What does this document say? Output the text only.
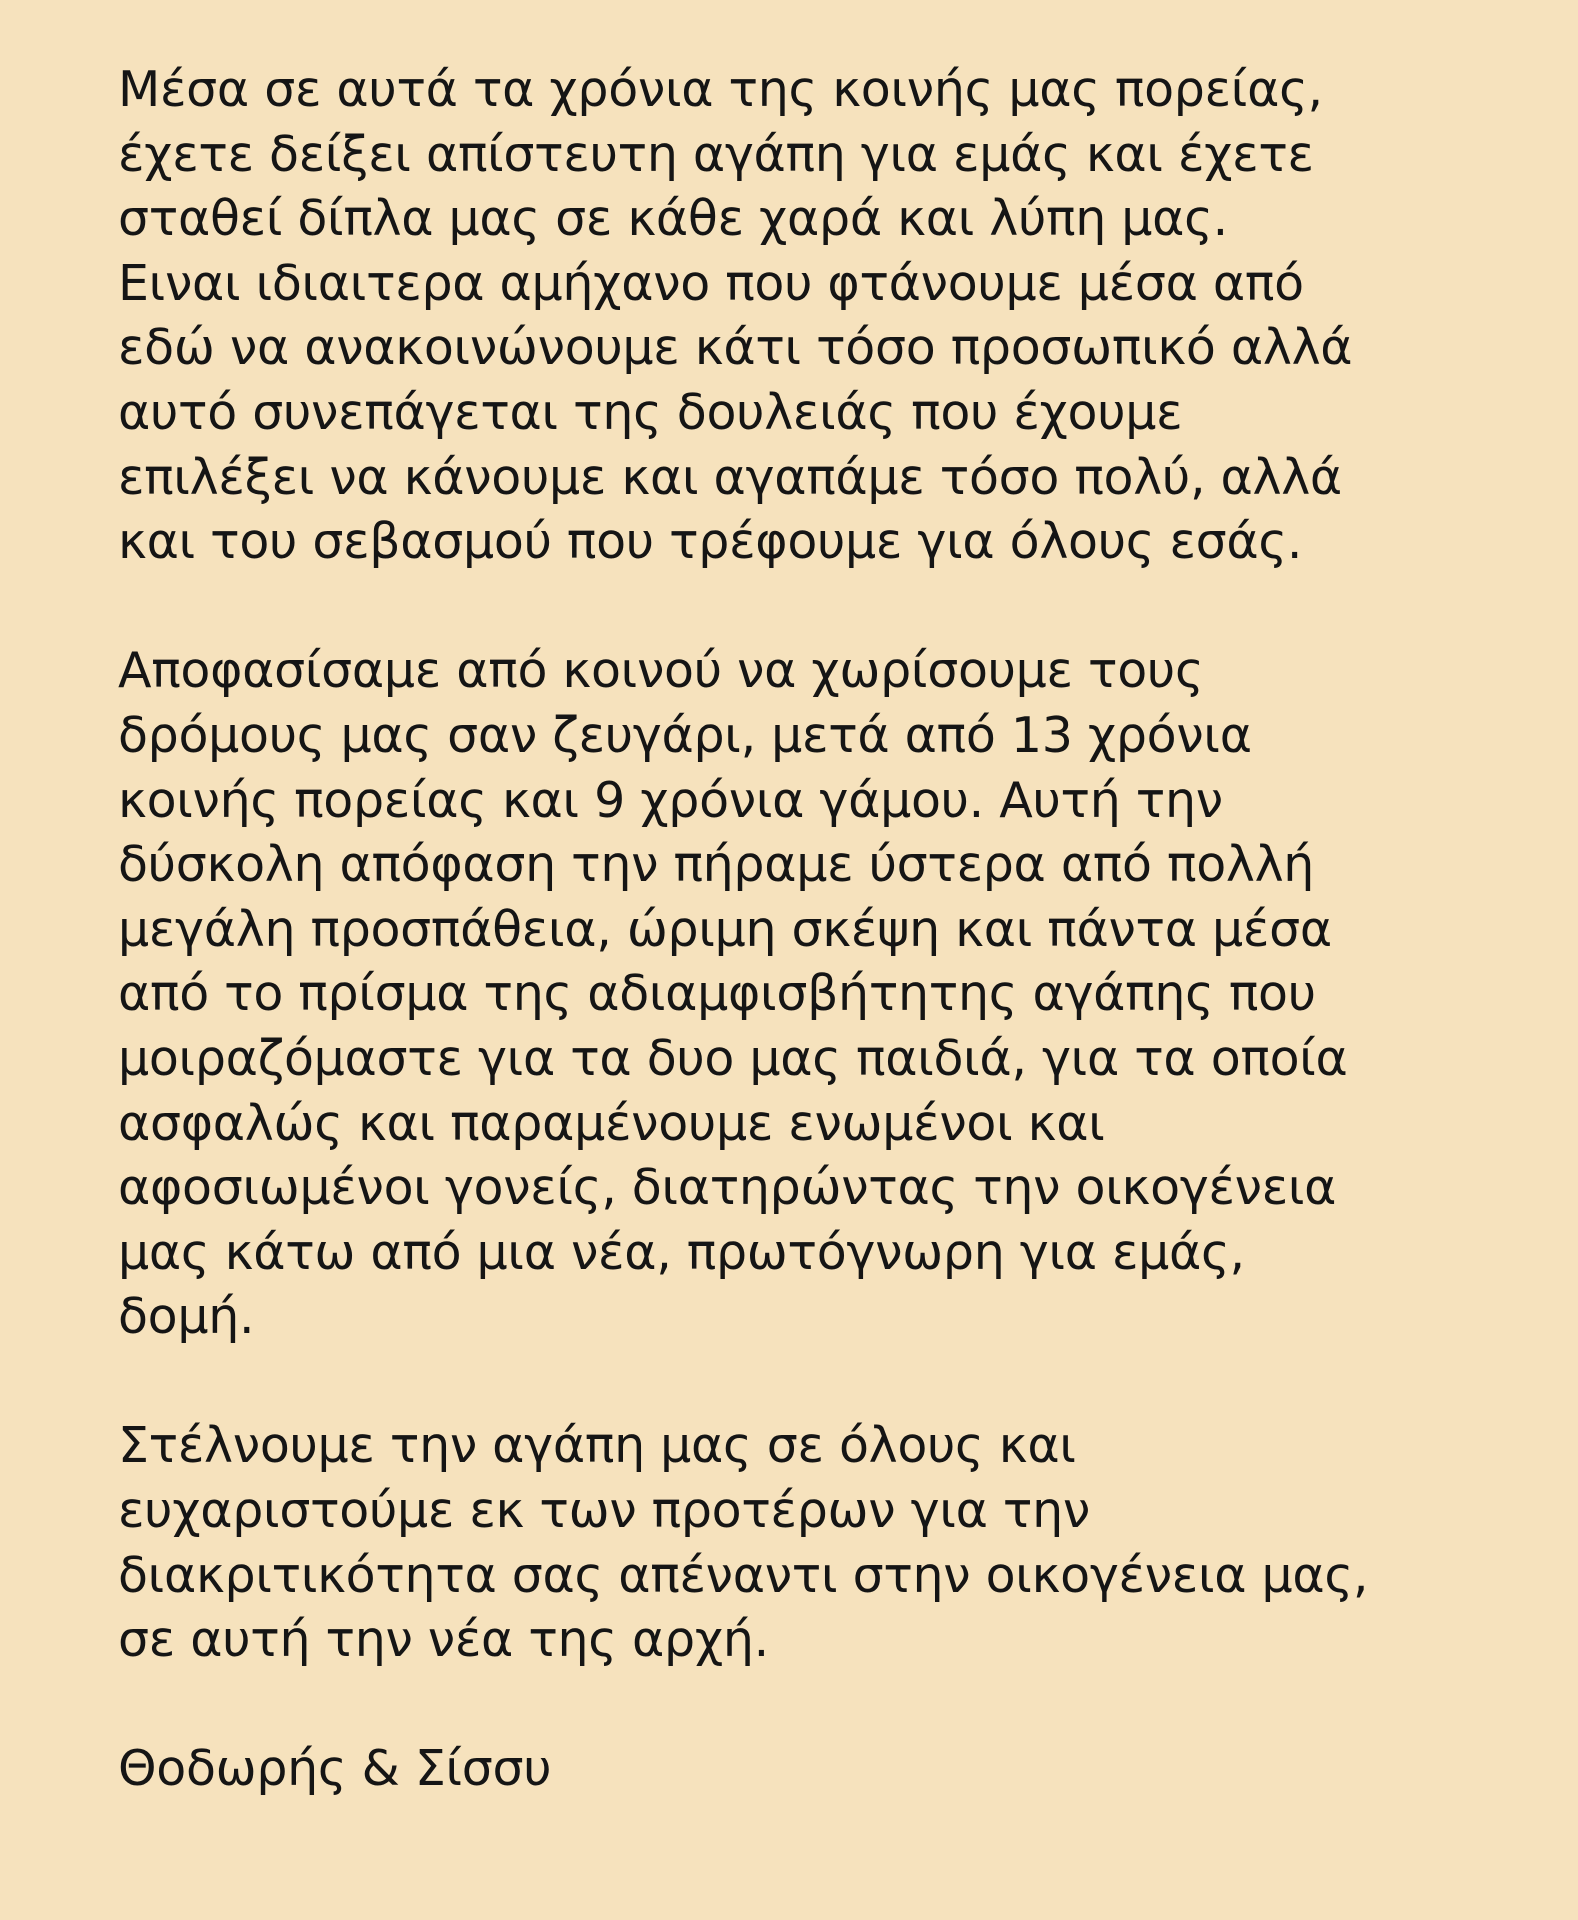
Μέσα σε αυτά τα χρόνια της κοινής μας πορείας,
έχετε δείξει απίστευτη αγάπη για εμάς και έχετε
σταθεί δίπλα μας σε κάθε χαρά και λύπη μας.
Ειναι ιδιαιτερα αμήχανο που φτάνουμε μέσα από
εδώ να ανακοινώνουμε κάτι τόσο προσωπικό αλλά
αυτό συνεπάγεται της δουλειάς που έχουμε
επιλέξει να κάνουμε και αγαπάμε τόσο πολύ, αλλά
και του σεβασμού που τρέφουμε για όλους εσάς.
Αποφασίσαμε από κοινού να χωρίσουμε τους
δρόμους μας σαν ζευγάρι, μετά από 13 χρόνια
κοινής πορείας και 9 χρόνια γάμου. Αυτή την
δύσκολη απόφαση την πήραμε ύστερα από πολλή
μεγάλη προσπάθεια, ώριμη σκέψη και πάντα μέσα
από το πρίσμα της αδιαμφισβήτητης αγάπης που
μοιραζόμαστε για τα δυο μας παιδιά, για τα οποία
ασφαλώς και παραμένουμε ενωμένοι και
αφοσιωμένοι γονείς, διατηρώντας την οικογένεια
μας κάτω από μια νέα, πρωτόγνωρη για εμάς,
δομή.
Στέλνουμε την αγάπη μας σε όλους και
ευχαριστούμε εκ των προτέρων για την
διακριτικότητα σας απέναντι στην οικογένεια μας,
σε αυτή την νέα της αρχή.
Θοδωρής & Σίσσυ
